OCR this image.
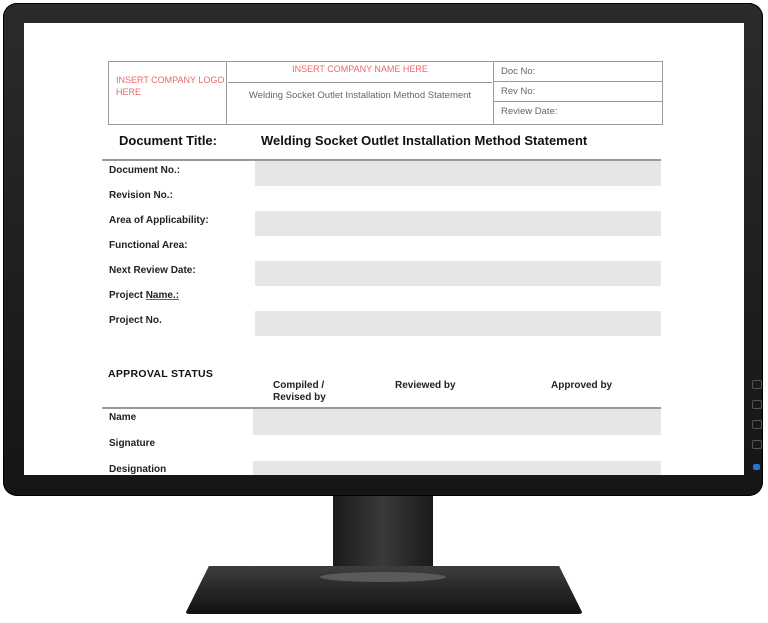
INSERT COMPANY LOGO HERE
INSERT COMPANY NAME HERE
Welding Socket Outlet Installation Method Statement
Doc No:
Rev No:
Review Date:
Document Title:	Welding Socket Outlet Installation Method Statement
Document No.:
Revision No.:
Area of Applicability:
Functional Area:
Next Review Date:
Project Name.:
Project No.
APPROVAL STATUS
Compiled /
Revised by
Reviewed by	Approved by
Name
Signature
Designation
